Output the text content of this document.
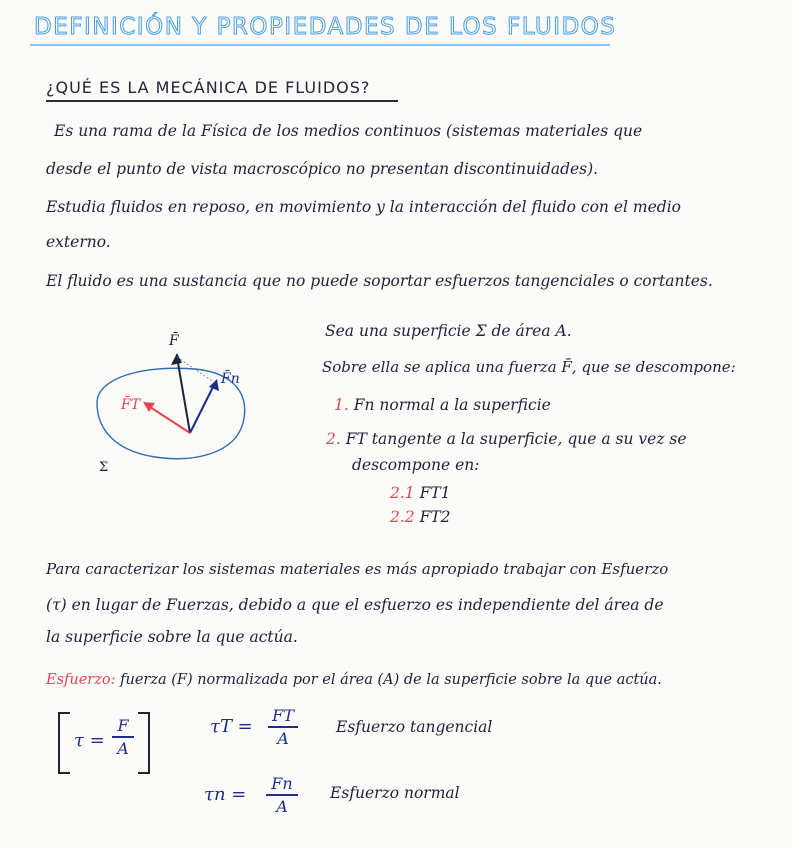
DEFINICIÓN Y PROPIEDADES DE LOS FLUIDOS
¿QUÉ ES LA MECÁNICA DE FLUIDOS?
Es una rama de la Física de los medios continuos (sistemas materiales que
desde el punto de vista macroscópico no presentan discontinuidades).
Estudia fluidos en reposo, en movimiento y la interacción del fluido con el medio
externo.
El fluido es una sustancia que no puede soportar esfuerzos tangenciales o cortantes.
F̄
F̄n
F̄T
Σ
Sea una superficie Σ de área A.
Sobre ella se aplica una fuerza F̄, que se descompone:
1. Fn normal a la superficie
2. FT tangente a la superficie, que a su vez se
descompone en:
2.1 FT1
2.2 FT2
Para caracterizar los sistemas materiales es más apropiado trabajar con Esfuerzo
(τ) en lugar de Fuerzas, debido a que el esfuerzo es independiente del área de
la superficie sobre la que actúa.
Esfuerzo: fuerza (F) normalizada por el área (A) de la superficie sobre la que actúa.
τ =
F
A
τT =
FT
A
Esfuerzo tangencial
τn =
Fn
A
Esfuerzo normal
